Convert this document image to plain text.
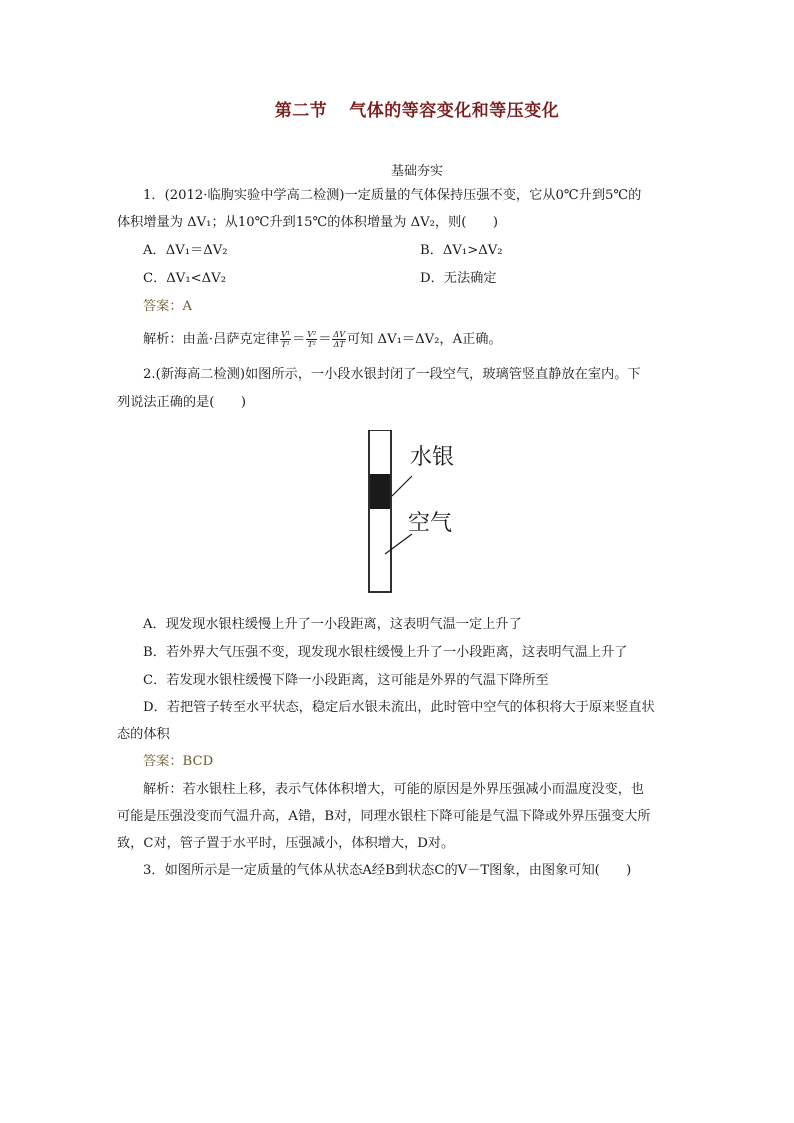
第二节 气体的等容变化和等压变化
基础夯实
1．(2012·临朐实验中学高二检测)一定质量的气体保持压强不变，它从0℃升到5℃的
体积增量为 ΔV₁；从10℃升到15℃的体积增量为 ΔV₂，则(　　)
A．ΔV₁＝ΔV₂	B．ΔV₁>ΔV₂
C．ΔV₁<ΔV₂	D．无法确定
答案：A
解析：由盖·吕萨克定律 $\frac{\text{V¹}}{\text{T¹}} = \frac{\text{V²}}{\text{T²}} = \frac{\Delta V}{\Delta T}$ 可知 ΔV₁＝ΔV₂，A正确。
2.(新海高二检测)如图所示，一小段水银封闭了一段空气，玻璃管竖直静放在室内。下
列说法正确的是(　　)
水银
空气
A．现发现水银柱缓慢上升了一小段距离，这表明气温一定上升了
B．若外界大气压强不变，现发现水银柱缓慢上升了一小段距离，这表明气温上升了
C．若发现水银柱缓慢下降一小段距离，这可能是外界的气温下降所至
D．若把管子转至水平状态，稳定后水银未流出，此时管中空气的体积将大于原来竖直状
态的体积
答案：BCD
解析：若水银柱上移，表示气体体积增大，可能的原因是外界压强减小而温度没变，也
可能是压强没变而气温升高，A错，B对，同理水银柱下降可能是气温下降或外界压强变大所
致，C对，管子置于水平时，压强减小，体积增大，D对。
3．如图所示是一定质量的气体从状态A经B到状态C的V－T图象，由图象可知(　　)
